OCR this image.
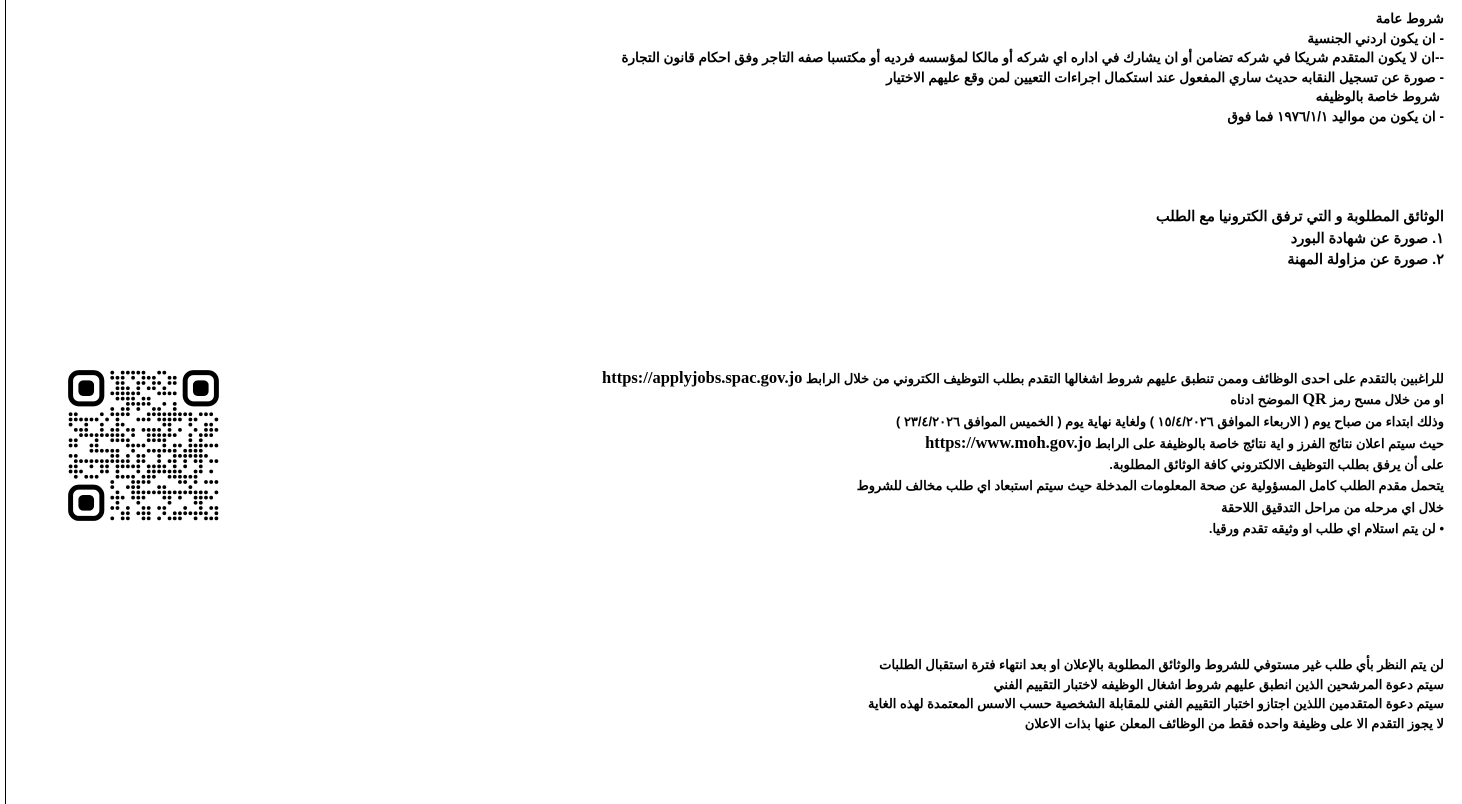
شروط عامة
- ان يكون اردني الجنسية
--ان لا يكون المتقدم شريكا في شركه تضامن أو ان يشارك في اداره اي شركه أو مالكا لمؤسسه فرديه أو مكتسبا صفه التاجر وفق احكام قانون التجارة
- صورة عن تسجيل النقابه حديث ساري المفعول عند استكمال اجراءات التعيين لمن وقع عليهم الاختيار
شروط خاصة بالوظيفه
- ان يكون من مواليد ١٩٧٦/١/١ فما فوق
الوثائق المطلوبة و التي ترفق الكترونيا مع الطلب
١. صورة عن شهادة البورد
٢. صورة عن مزاولة المهنة
للراغبين بالتقدم على احدى الوظائف وممن تنطبق عليهم شروط اشغالها التقدم بطلب التوظيف الكتروني من خلال الرابط https://applyjobs.spac.gov.jo
او من خلال مسح رمز QR الموضح ادناه
وذلك ابتداء من صباح يوم ( الاربعاء الموافق ١٥/٤/٢٠٢٦ ) ولغاية نهاية يوم ( الخميس الموافق ٢٣/٤/٢٠٢٦ )
حيث سيتم اعلان نتائج الفرز و اية نتائج خاصة بالوظيفة على الرابط https://www.moh.gov.jo
على أن يرفق بطلب التوظيف الالكتروني كافة الوثائق المطلوبة.
يتحمل مقدم الطلب كامل المسؤولية عن صحة المعلومات المدخلة حيث سيتم استبعاد اي طلب مخالف للشروط
خلال اي مرحله من مراحل التدقيق اللاحقة
• لن يتم استلام اي طلب او وثيقه تقدم ورقيا.
لن يتم النظر بأي طلب غير مستوفي للشروط والوثائق المطلوبة بالإعلان او بعد انتهاء فترة استقبال الطلبات
سيتم دعوة المرشحين الذين انطبق عليهم شروط اشغال الوظيفه لاختبار التقييم الفني
سيتم دعوة المتقدمين اللذين اجتازو اختبار التقييم الفني للمقابلة الشخصية حسب الاسس المعتمدة لهذه الغاية
لا يجوز التقدم الا على وظيفة واحده فقط من الوظائف المعلن عنها بذات الاعلان
